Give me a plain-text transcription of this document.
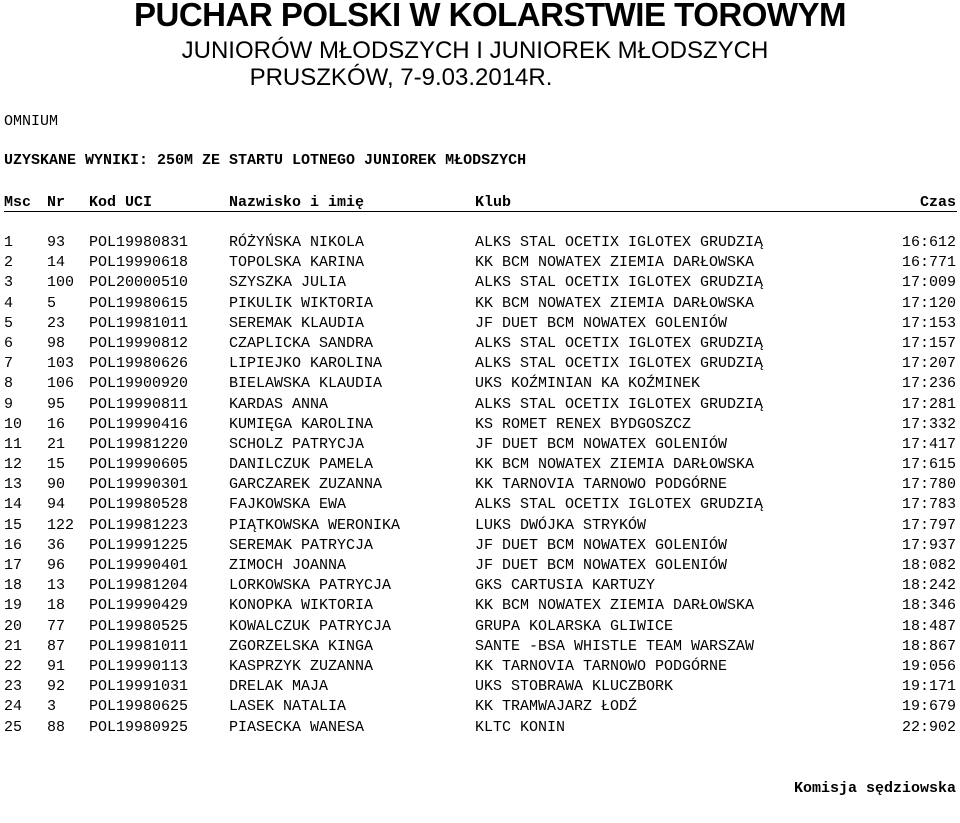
PUCHAR POLSKI W KOLARSTWIE TOROWYM
JUNIORÓW MŁODSZYCH I JUNIOREK MŁODSZYCH
PRUSZKÓW, 7-9.03.2014R.
OMNIUM
UZYSKANE WYNIKI: 250M ZE STARTU LOTNEGO JUNIOREK MŁODSZYCH
Msc Nr Kod UCI	Nazwisko i imię	Klub	Czas
1 93 POL19980831	RÓŻYŃSKA NIKOLA	ALKS STAL OCETIX IGLOTEX GRUDZIĄ	16:612
2 14 POL19990618	TOPOLSKA KARINA	KK BCM NOWATEX ZIEMIA DARŁOWSKA	16:771
3 100 POL20000510	SZYSZKA JULIA	ALKS STAL OCETIX IGLOTEX GRUDZIĄ	17:009
4 5 POL19980615	PIKULIK WIKTORIA	KK BCM NOWATEX ZIEMIA DARŁOWSKA	17:120
5 23 POL19981011	SEREMAK KLAUDIA	JF DUET BCM NOWATEX GOLENIÓW	17:153
6 98 POL19990812	CZAPLICKA SANDRA	ALKS STAL OCETIX IGLOTEX GRUDZIĄ	17:157
7 103 POL19980626	LIPIEJKO KAROLINA	ALKS STAL OCETIX IGLOTEX GRUDZIĄ	17:207
8 106 POL19900920	BIELAWSKA KLAUDIA	UKS KOŹMINIAN KA KOŹMINEK	17:236
9 95 POL19990811	KARDAS ANNA	ALKS STAL OCETIX IGLOTEX GRUDZIĄ	17:281
10 16 POL19990416	KUMIĘGA KAROLINA	KS ROMET RENEX BYDGOSZCZ	17:332
11 21 POL19981220	SCHOLZ PATRYCJA	JF DUET BCM NOWATEX GOLENIÓW	17:417
12 15 POL19990605	DANILCZUK PAMELA	KK BCM NOWATEX ZIEMIA DARŁOWSKA	17:615
13 90 POL19990301	GARCZAREK ZUZANNA	KK TARNOVIA TARNOWO PODGÓRNE	17:780
14 94 POL19980528	FAJKOWSKA EWA	ALKS STAL OCETIX IGLOTEX GRUDZIĄ	17:783
15 122 POL19981223	PIĄTKOWSKA WERONIKA	LUKS DWÓJKA STRYKÓW	17:797
16 36 POL19991225	SEREMAK PATRYCJA	JF DUET BCM NOWATEX GOLENIÓW	17:937
17 96 POL19990401	ZIMOCH JOANNA	JF DUET BCM NOWATEX GOLENIÓW	18:082
18 13 POL19981204	LORKOWSKA PATRYCJA	GKS CARTUSIA KARTUZY	18:242
19 18 POL19990429	KONOPKA WIKTORIA	KK BCM NOWATEX ZIEMIA DARŁOWSKA	18:346
20 77 POL19980525	KOWALCZUK PATRYCJA	GRUPA KOLARSKA GLIWICE	18:487
21 87 POL19981011	ZGORZELSKA KINGA	SANTE -BSA WHISTLE TEAM WARSZAW	18:867
22 91 POL19990113	KASPRZYK ZUZANNA	KK TARNOVIA TARNOWO PODGÓRNE	19:056
23 92 POL19991031	DRELAK MAJA	UKS STOBRAWA KLUCZBORK	19:171
24 3 POL19980625	LASEK NATALIA	KK TRAMWAJARZ ŁODŹ	19:679
25 88 POL19980925	PIASECKA WANESA	KLTC KONIN	22:902
Komisja sędziowska
